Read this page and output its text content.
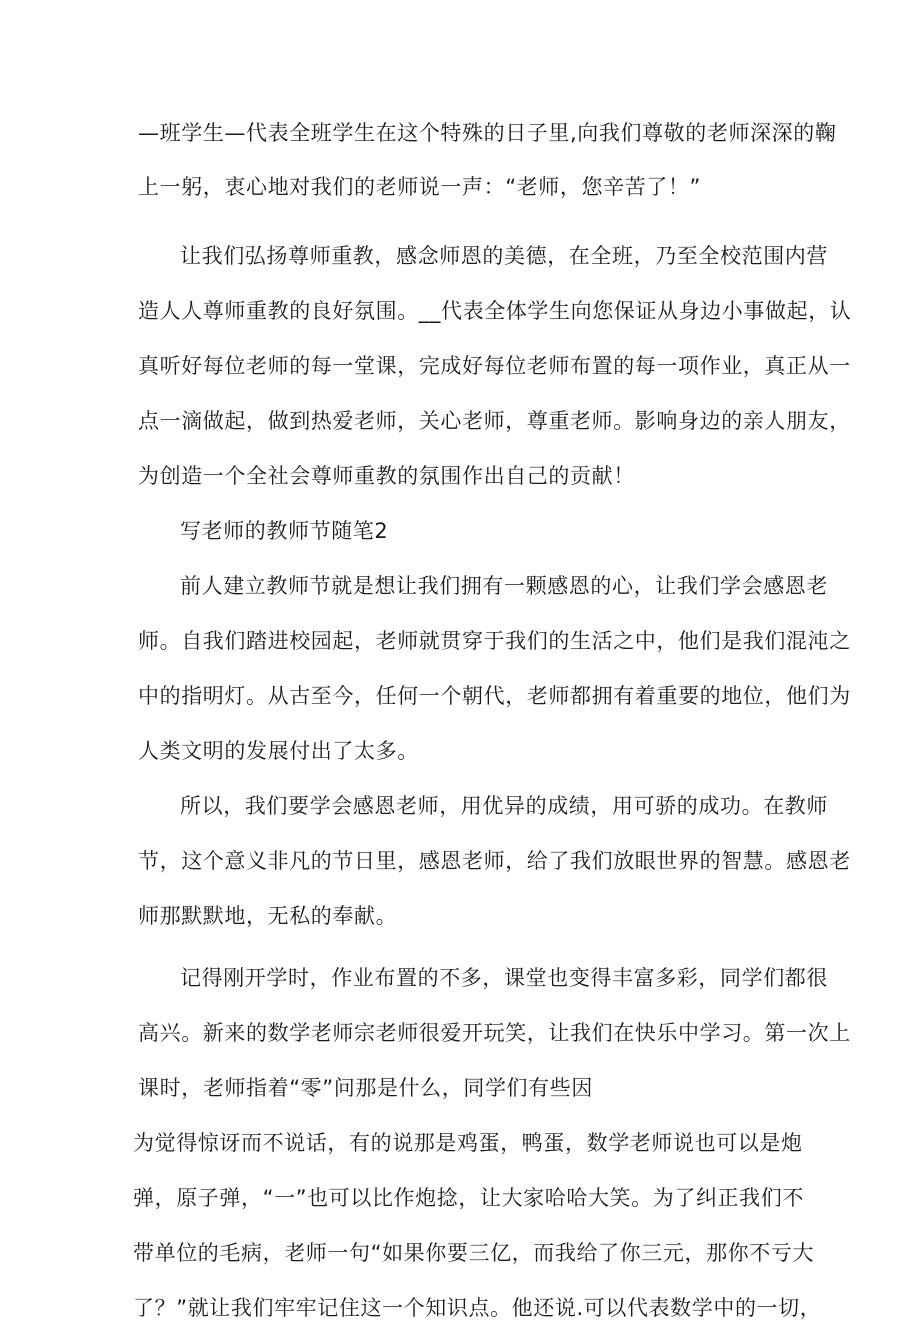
—班学生—代表全班学生在这个特殊的日子里,向我们尊敬的老师深深的鞠
上一躬，衷心地对我们的老师说一声：“老师，您辛苦了！”
让我们弘扬尊师重教，感念师恩的美德，在全班，乃至全校范围内营
造人人尊师重教的良好氛围。__代表全体学生向您保证从身边小事做起，认
真听好每位老师的每一堂课，完成好每位老师布置的每一项作业，真正从一
点一滴做起，做到热爱老师，关心老师，尊重老师。影响身边的亲人朋友，
为创造一个全社会尊师重教的氛围作出自己的贡献！
写老师的教师节随笔2
前人建立教师节就是想让我们拥有一颗感恩的心，让我们学会感恩老
师。自我们踏进校园起，老师就贯穿于我们的生活之中，他们是我们混沌之
中的指明灯。从古至今，任何一个朝代，老师都拥有着重要的地位，他们为
人类文明的发展付出了太多。
所以，我们要学会感恩老师，用优异的成绩，用可骄的成功。在教师
节，这个意义非凡的节日里，感恩老师，给了我们放眼世界的智慧。感恩老
师那默默地，无私的奉献。
记得刚开学时，作业布置的不多，课堂也变得丰富多彩，同学们都很
高兴。新来的数学老师宗老师很爱开玩笑，让我们在快乐中学习。第一次上
课时，老师指着“零”问那是什么，同学们有些因
为觉得惊讶而不说话，有的说那是鸡蛋，鸭蛋，数学老师说也可以是炮
弹，原子弹，“一”也可以比作炮捻，让大家哈哈大笑。为了纠正我们不
带单位的毛病，老师一句“如果你要三亿，而我给了你三元，那你不亏大
了？”就让我们牢牢记住这一个知识点。他还说.可以代表数学中的一切，
